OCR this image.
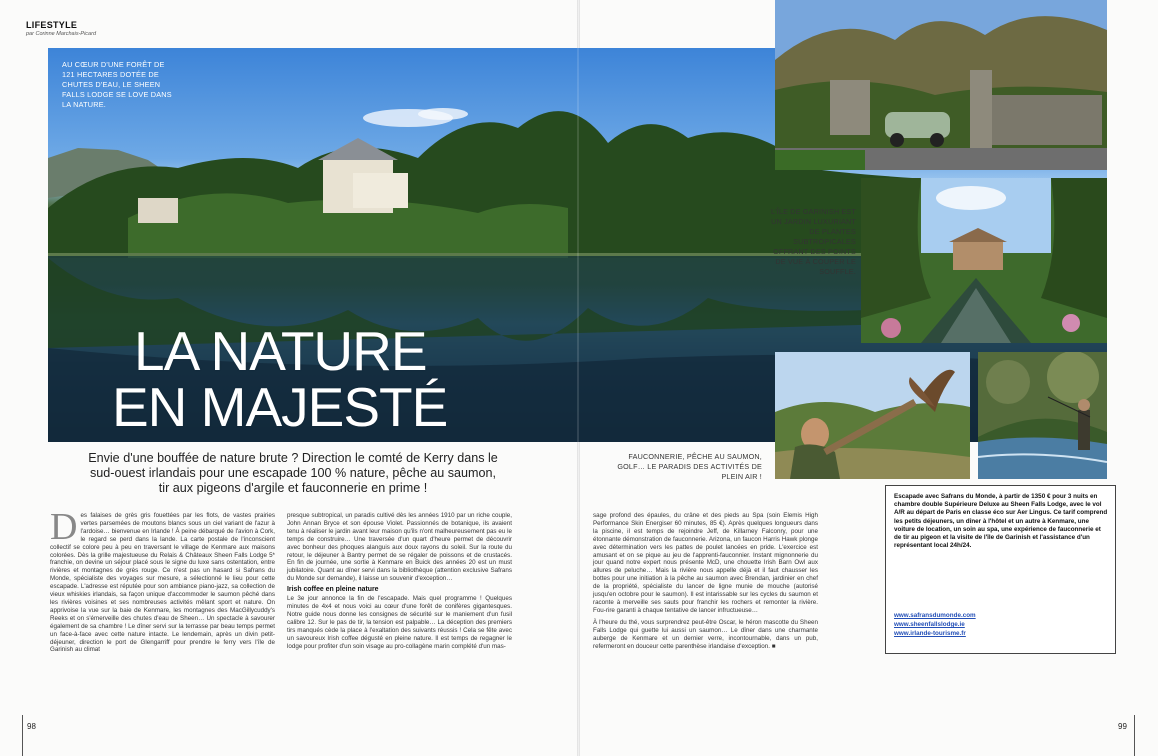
LIFESTYLE
par Corinne Marchais-Picard
AU CŒUR D'UNE FORÊT DE 121 HECTARES DOTÉE DE CHUTES D'EAU, LE SHEEN FALLS LODGE SE LOVE DANS LA NATURE.
LA NATURE
EN MAJESTÉ
Envie d'une bouffée de nature brute ? Direction le comté de Kerry dans le sud-ouest irlandais pour une escapade 100 % nature, pêche au saumon, tir aux pigeons d'argile et fauconnerie en prime !
D es falaises de grès gris fouettées par les flots, de vastes prairies vertes parsemées de moutons blancs sous un ciel variant de l'azur à l'ardoise… bienvenue en Irlande ! À peine débarqué de l'avion à Cork, le regard se perd dans la lande. La carte postale de l'inconscient collectif se colore peu à peu en traversant le village de Kenmare aux maisons colorées. Dès la grille majestueuse du Relais & Châteaux Sheen Falls Lodge 5* franchie, on devine un séjour placé sous le signe du luxe sans ostentation, entre rivières et montagnes de grès rouge. Ce n'est pas un hasard si Safrans du Monde, spécialiste des voyages sur mesure, a sélectionné le lieu pour cette escapade. L'adresse est réputée pour son ambiance piano-jazz, sa collection de vieux whiskies irlandais, sa façon unique d'accommoder le saumon pêché dans les rivières voisines et ses nombreuses activités mêlant sport et nature. On apprivoise la vue sur la baie de Kenmare, les montagnes des MacGillycuddy's Reeks et on s'émerveille des chutes d'eau de Sheen… Un spectacle à savourer également de sa chambre ! Le dîner servi sur la terrasse par beau temps permet un face-à-face avec cette nature intacte. Le lendemain, après un divin petit-déjeuner, direction le port de Glengarriff pour prendre le ferry vers l'île de Garinish au climat

presque subtropical, un paradis cultivé dès les années 1910 par un riche couple, John Annan Bryce et son épouse Violet. Passionnés de botanique, ils avaient tenu à réaliser le jardin avant leur maison qu'ils n'ont malheureusement pas eu le temps de construire… Une traversée d'un quart d'heure permet de découvrir avec bonheur des phoques alanguis aux doux rayons du soleil. Sur la route du retour, le déjeuner à Bantry permet de se régaler de poissons et de crustacés. En fin de journée, une sortie à Kenmare en Buick des années 20 est un must jubilatoire. Quant au dîner servi dans la bibliothèque (attention exclusive Safrans du Monde sur demande), il laisse un souvenir d'exception…

Irish coffee en pleine nature

Le 3e jour annonce la fin de l'escapade. Mais quel programme ! Quelques minutes de 4x4 et nous voici au cœur d'une forêt de conifères gigantesques. Notre guide nous donne les consignes de sécurité sur le maniement d'un fusil calibre 12. Sur le pas de tir, la tension est palpable… La déception des premiers tirs manqués cède la place à l'exaltation des suivants réussis ! Cela se fête avec un savoureux Irish coffee dégusté en pleine nature. Il est temps de regagner le lodge pour profiter d'un soin visage au pro-collagène marin complété d'un mas-

sage profond des épaules, du crâne et des pieds au Spa (soin Elemis High Performance Skin Energiser 60 minutes, 85 €). Après quelques longueurs dans la piscine, il est temps de rejoindre Jeff, de Killarney Falconry, pour une étonnante démonstration de fauconnerie. Arizona, un faucon Harris Hawk plonge avec détermination vers les pattes de poulet lancées en pride. L'exercice est amusant et on se pique au jeu de l'apprenti-fauconnier. Instant mignonnerie du jour quand notre expert nous présente McD, une chouette Irish Barn Owl aux allures de peluche… Mais la rivière nous appelle déjà et il faut chausser les bottes pour une initiation à la pêche au saumon avec Brendan, jardinier en chef de la propriété, spécialiste du lancer de ligne munie de mouche (autorisé jusqu'en octobre pour le saumon). Il est intarissable sur les cycles du saumon et raconte à merveille ses sauts pour franchir les rochers et remonter la rivière. Fou-rire garanti à chaque tentative de lancer infructueuse…

À l'heure du thé, vous surprendrez peut-être Oscar, le héron mascotte du Sheen Falls Lodge qui guette lui aussi un saumon… Le dîner dans une charmante auberge de Kenmare et un dernier verre, incontournable, dans un pub, refermeront en douceur cette parenthèse irlandaise d'exception. ■

L'ÎLE DE GARINISH EST UN JARDIN LUXURIANT DE PLANTES SUBTROPICALES OFFRANT DES POINTS DE VUE À COUPER LE SOUFFLE.
FAUCONNERIE, PÊCHE AU SAUMON, GOLF… LE PARADIS DES ACTIVITÉS DE PLEIN AIR !
Escapade avec Safrans du Monde, à partir de 1350 € pour 3 nuits en chambre double Supérieure Deluxe au Sheen Falls Lodge, avec le vol A/R au départ de Paris en classe éco sur Aer Lingus. Ce tarif comprend les petits déjeuners, un dîner à l'hôtel et un autre à Kenmare, une voiture de location, un soin au spa, une expérience de fauconnerie et de tir au pigeon et la visite de l'île de Garinish et l'assistance d'un représentant local 24h/24.
www.safransdumonde.com
www.sheenfallslodge.ie
www.irlande-tourisme.fr
98	99
